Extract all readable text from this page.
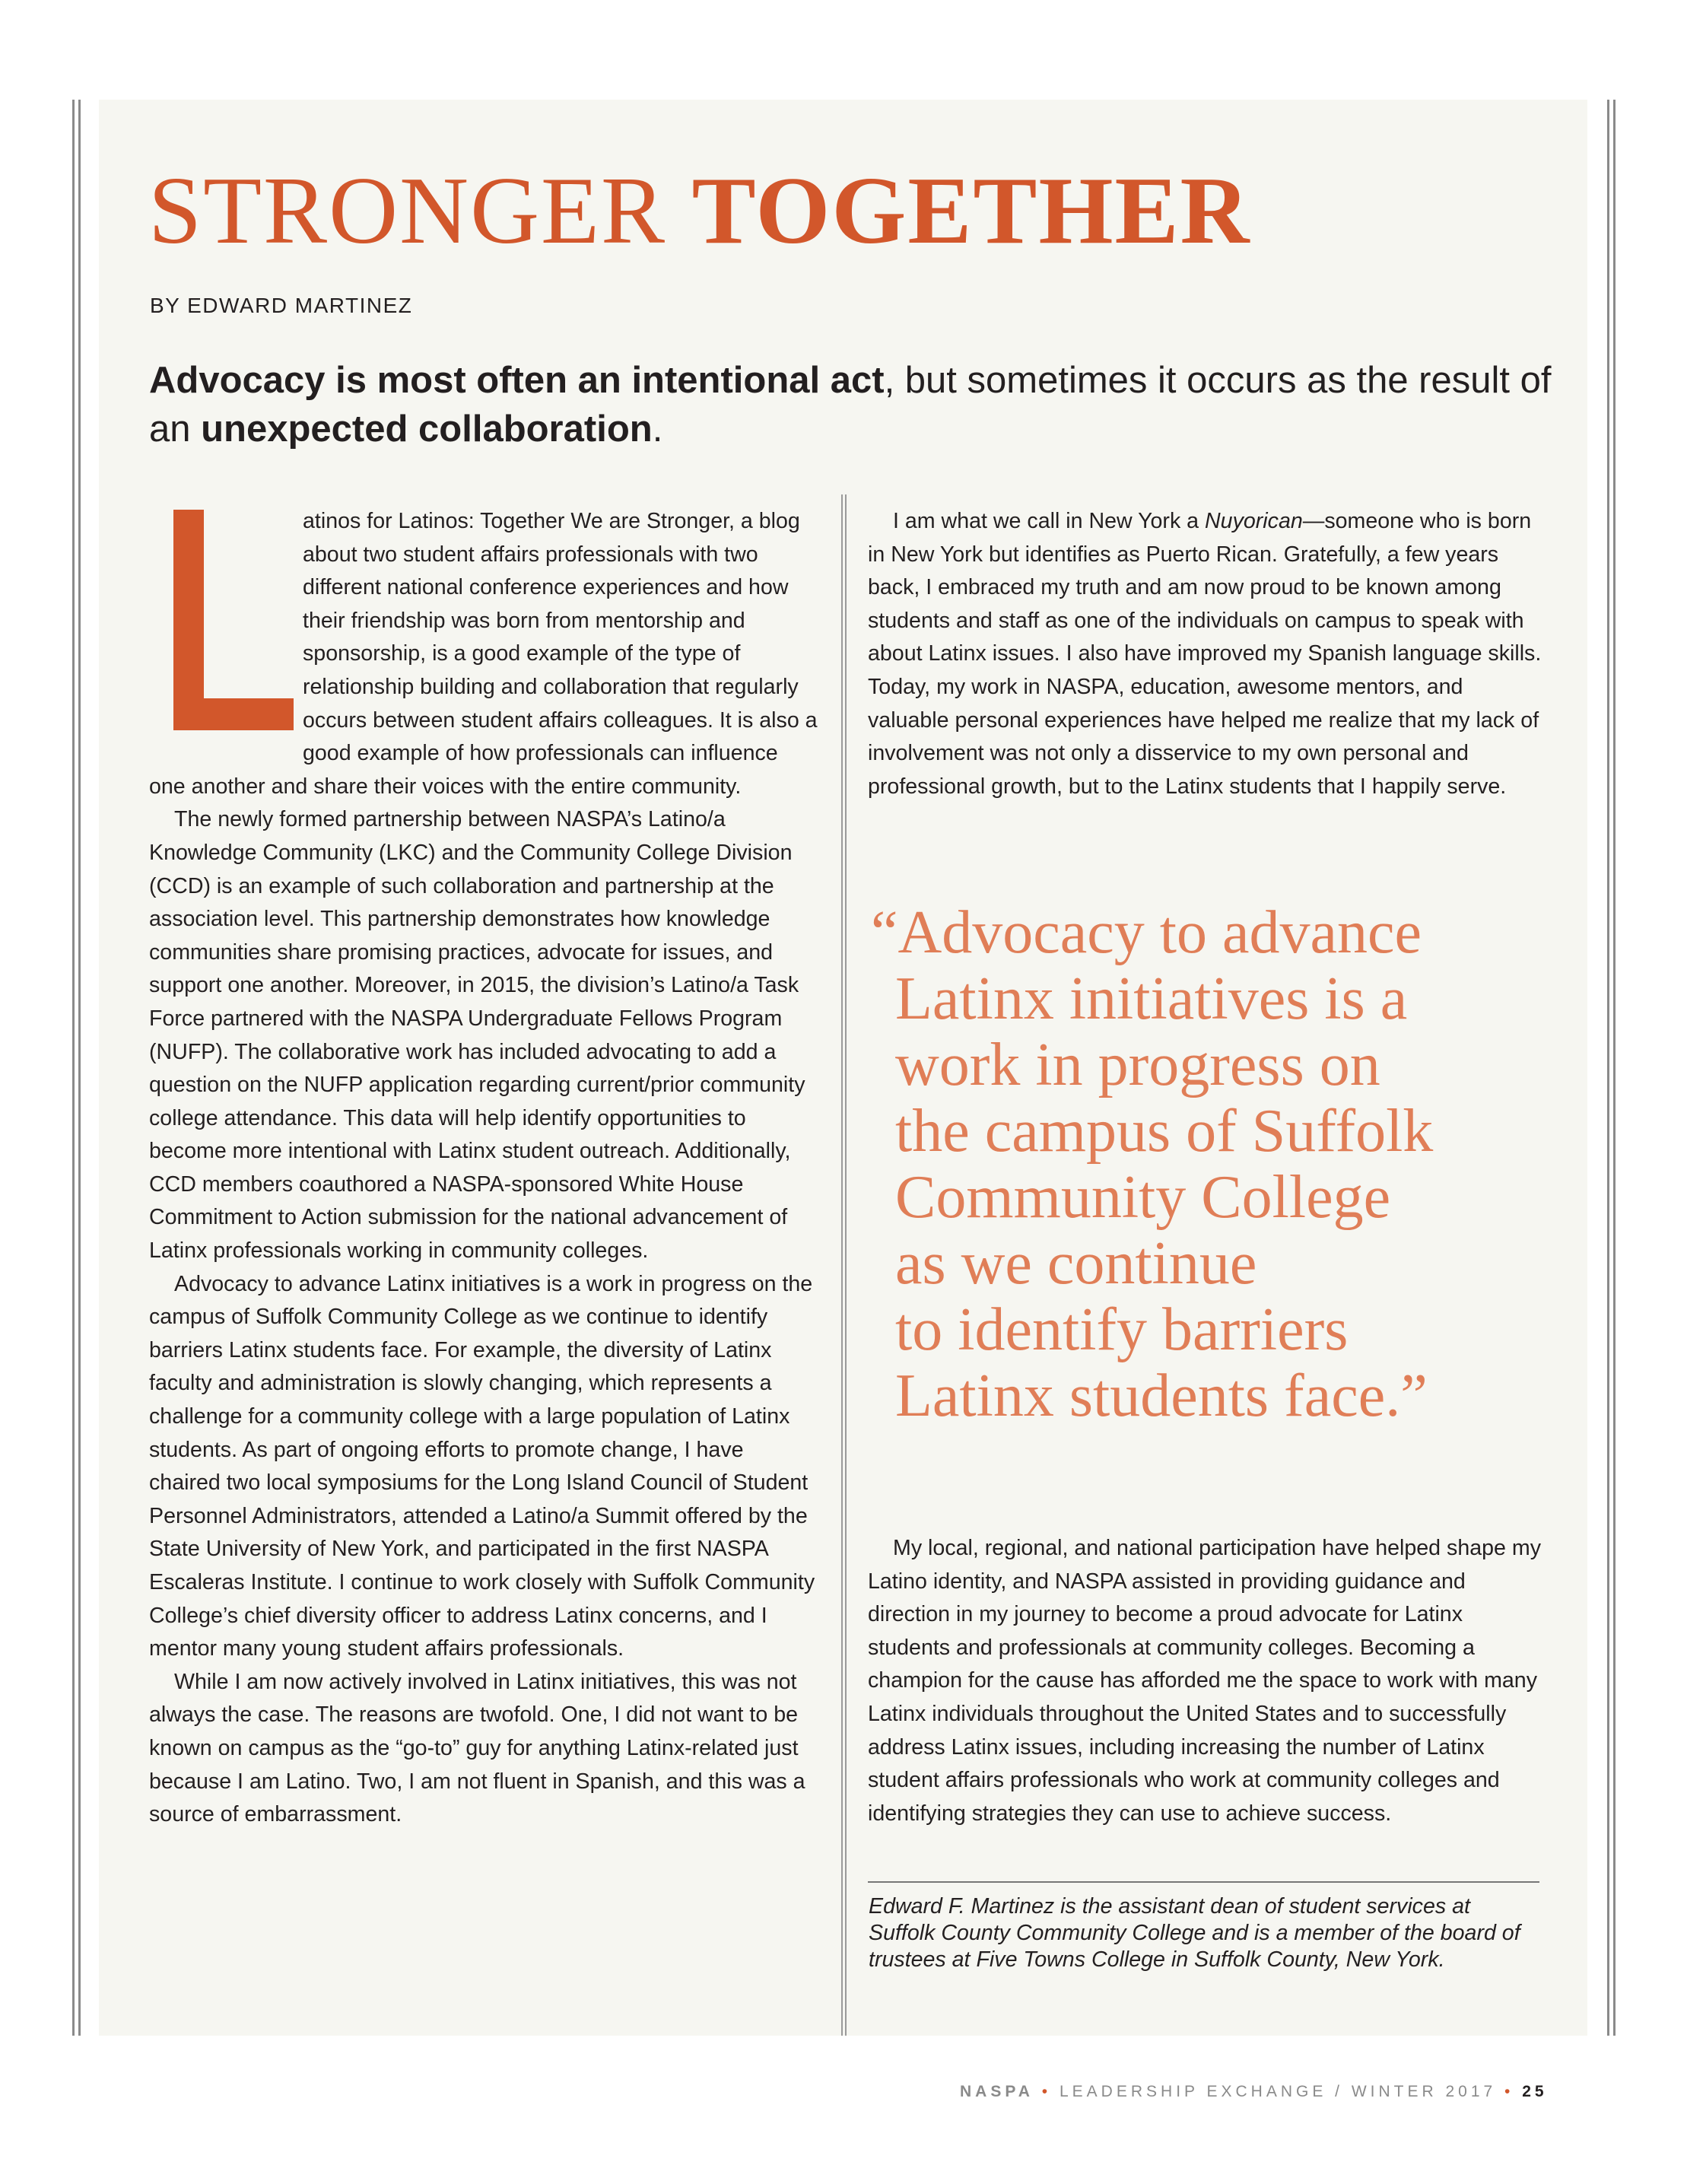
STRONGER TOGETHER
BY EDWARD MARTINEZ

Advocacy is most often an intentional act, but sometimes it occurs as the result of an unexpected collaboration.

atinos for Latinos: Together We are Stronger, a blog about two student affairs professionals with two different national conference experiences and how their friendship was born from mentorship and sponsorship, is a good example of the type of relationship building and collaboration that regularly occurs between student affairs colleagues. It is also a good example of how professionals can influence one another and share their voices with the entire community.

The newly formed partnership between NASPA’s Latino/a Knowledge Community (LKC) and the Community College Division (CCD) is an example of such collaboration and partnership at the association level. This partnership demonstrates how knowledge communities share promising practices, advocate for issues, and support one another. Moreover, in 2015, the division’s Latino/a Task Force partnered with the NASPA Undergraduate Fellows Program (NUFP). The collaborative work has included advocating to add a question on the NUFP application regarding current/prior community college attendance. This data will help identify opportunities to become more intentional with Latinx student outreach. Additionally, CCD members coauthored a NASPA-sponsored White House Commitment to Action submission for the national advancement of Latinx professionals working in community colleges.

Advocacy to advance Latinx initiatives is a work in progress on the campus of Suffolk Community College as we continue to identify barriers Latinx students face. For example, the diversity of Latinx faculty and administration is slowly changing, which represents a challenge for a community college with a large population of Latinx students. As part of ongoing efforts to promote change, I have chaired two local symposiums for the Long Island Council of Student Personnel Administrators, attended a Latino/a Summit offered by the State University of New York, and participated in the first NASPA Escaleras Institute. I continue to work closely with Suffolk Community College’s chief diversity officer to address Latinx concerns, and I mentor many young student affairs professionals.

While I am now actively involved in Latinx initiatives, this was not always the case. The reasons are twofold. One, I did not want to be known on campus as the “go-to” guy for anything Latinx-related just because I am Latino. Two, I am not fluent in Spanish, and this was a source of embarrassment.

I am what we call in New York a Nuyorican—someone who is born in New York but identifies as Puerto Rican. Gratefully, a few years back, I embraced my truth and am now proud to be known among students and staff as one of the individuals on campus to speak with about Latinx issues. I also have improved my Spanish language skills. Today, my work in NASPA, education, awesome mentors, and valuable personal experiences have helped me realize that my lack of involvement was not only a disservice to my own personal and professional growth, but to the Latinx students that I happily serve.

“Advocacy to advance
Latinx initiatives is a
work in progress on
the campus of Suffolk
Community College
as we continue
to identify barriers
Latinx students face.”

My local, regional, and national participation have helped shape my Latino identity, and NASPA assisted in providing guidance and direction in my journey to become a proud advocate for Latinx students and professionals at community colleges. Becoming a champion for the cause has afforded me the space to work with many Latinx individuals throughout the United States and to successfully address Latinx issues, including increasing the number of Latinx student affairs professionals who work at community colleges and identifying strategies they can use to achieve success.

Edward F. Martinez is the assistant dean of student services at Suffolk County Community College and is a member of the board of trustees at Five Towns College in Suffolk County, New York.

NASPA • LEADERSHIP EXCHANGE / WINTER 2017 • 25
